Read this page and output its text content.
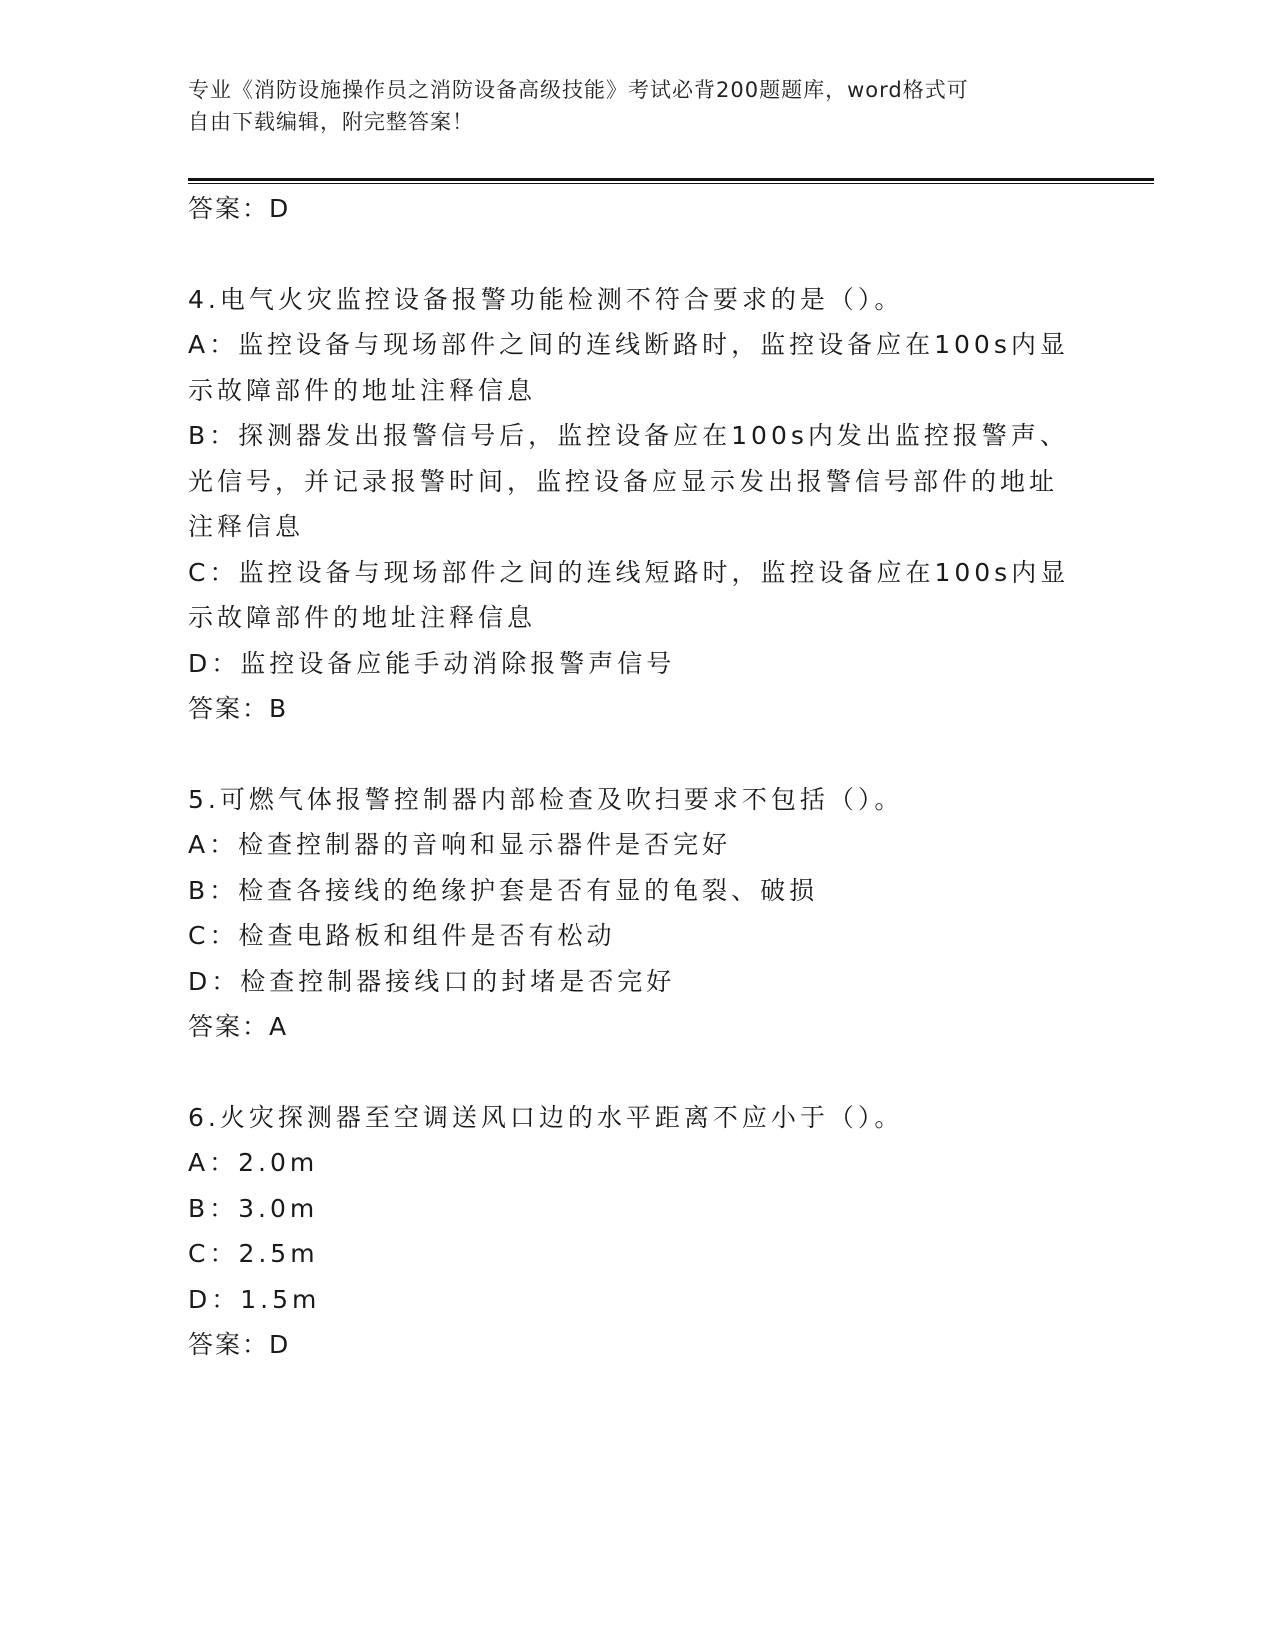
专业《消防设施操作员之消防设备高级技能》考试必背200题题库，word格式可
自由下载编辑，附完整答案！
答案：D
4.电气火灾监控设备报警功能检测不符合要求的是（）。
A：监控设备与现场部件之间的连线断路时，监控设备应在100s内显
示故障部件的地址注释信息
B：探测器发出报警信号后，监控设备应在100s内发出监控报警声、
光信号，并记录报警时间，监控设备应显示发出报警信号部件的地址
注释信息
C：监控设备与现场部件之间的连线短路时，监控设备应在100s内显
示故障部件的地址注释信息
D：监控设备应能手动消除报警声信号
答案：B
5.可燃气体报警控制器内部检查及吹扫要求不包括（）。
A：检查控制器的音响和显示器件是否完好
B：检查各接线的绝缘护套是否有显的龟裂、破损
C：检查电路板和组件是否有松动
D：检查控制器接线口的封堵是否完好
答案：A
6.火灾探测器至空调送风口边的水平距离不应小于（）。
A：2.0m
B：3.0m
C：2.5m
D：1.5m
答案：D
